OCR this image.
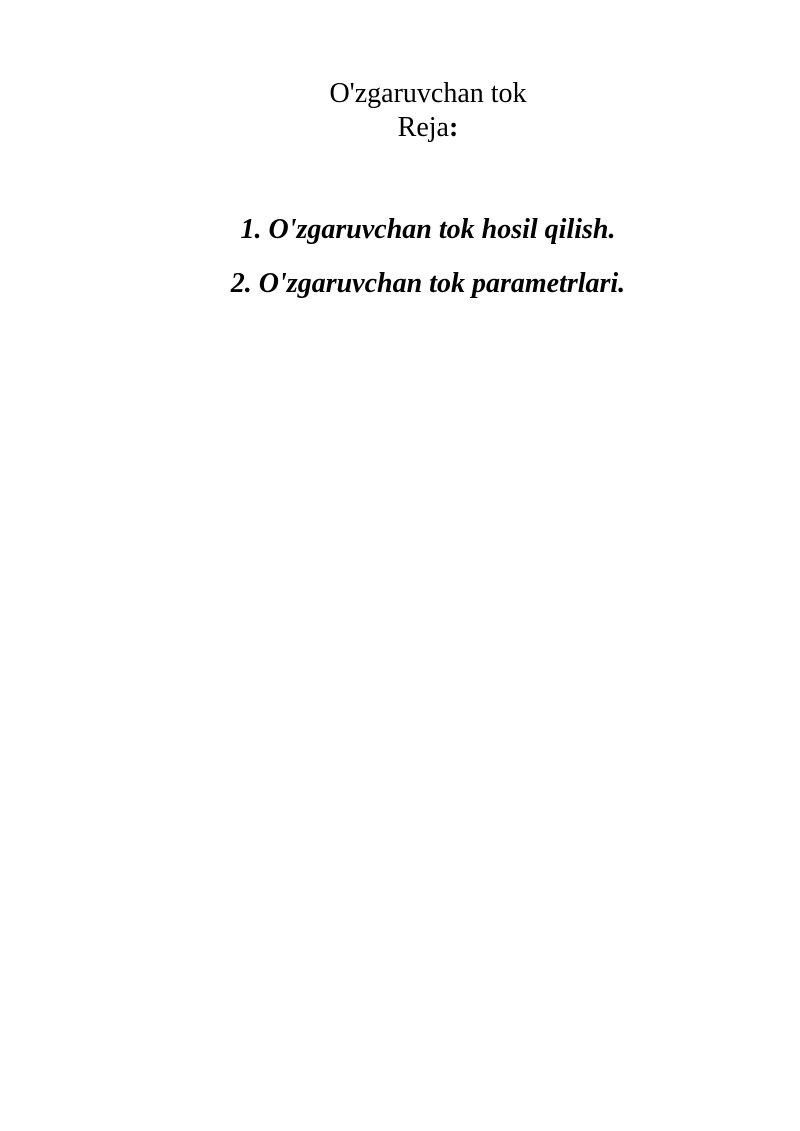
O'zgaruvchan tok
Reja:
1. O'zgaruvchan tok hosil qilish.
2. O'zgaruvchan tok parametrlari.
